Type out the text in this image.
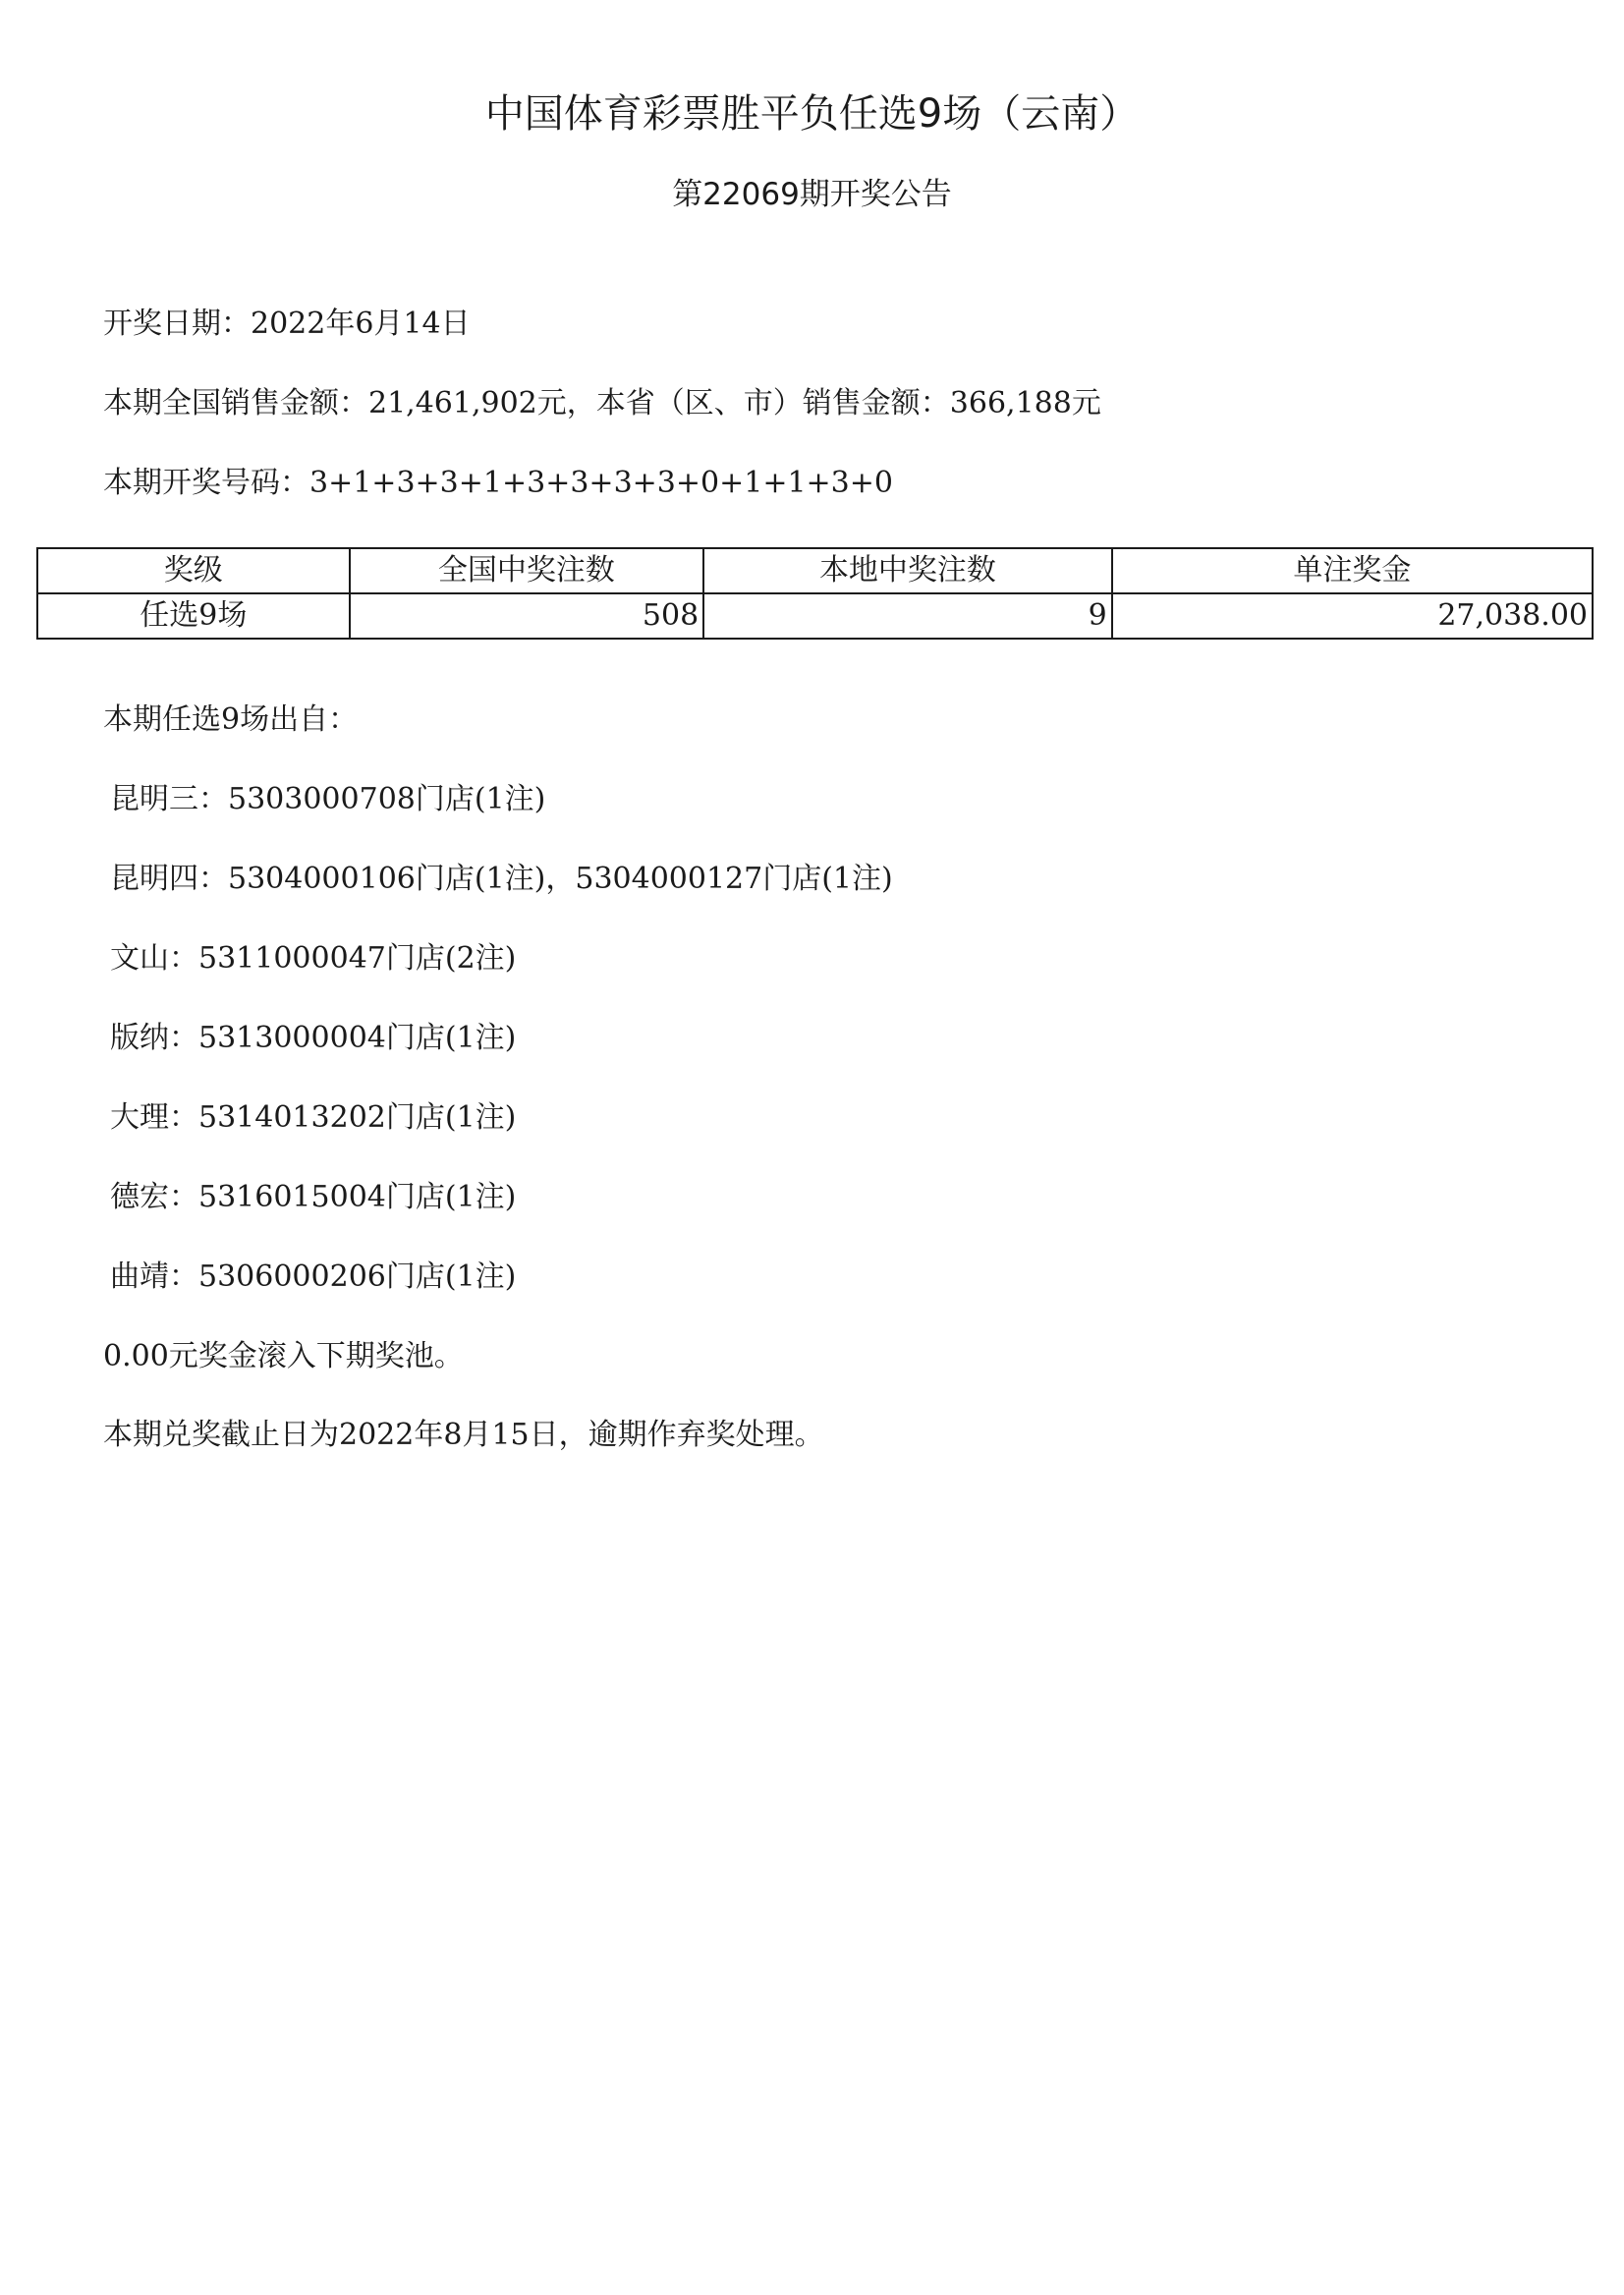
中国体育彩票胜平负任选9场（云南）
第22069期开奖公告
开奖日期：2022年6月14日
本期全国销售金额：21,461,902元，本省（区、市）销售金额：366,188元
本期开奖号码：3+1+3+3+1+3+3+3+3+0+1+1+3+0
奖级	全国中奖注数	本地中奖注数	单注奖金
任选9场	508	9	27,038.00
本期任选9场出自：
昆明三：5303000708门店(1注)
昆明四：5304000106门店(1注)，5304000127门店(1注)
文山：5311000047门店(2注)
版纳：5313000004门店(1注)
大理：5314013202门店(1注)
德宏：5316015004门店(1注)
曲靖：5306000206门店(1注)
0.00元奖金滚入下期奖池。
本期兑奖截止日为2022年8月15日，逾期作弃奖处理。
